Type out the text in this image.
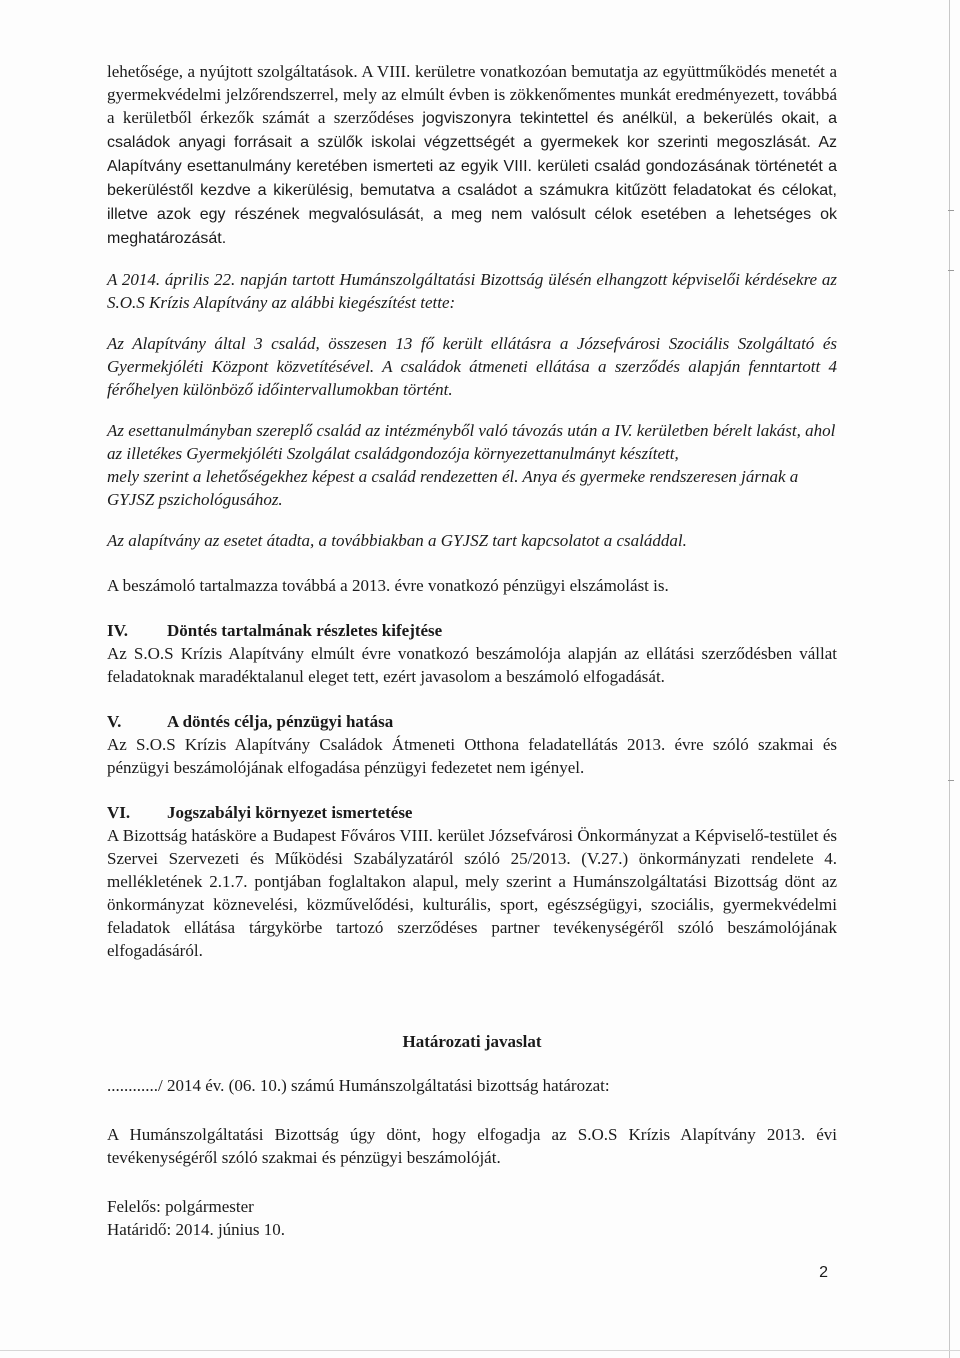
lehetősége, a nyújtott szolgáltatások. A VIII. kerületre vonatkozóan bemutatja az együttműködés menetét a gyermekvédelmi jelzőrendszerrel, mely az elmúlt évben is zökkenőmentes munkát eredményezett, továbbá a kerületből érkezők számát a szerződéses jogviszonyra tekintettel és anélkül, a bekerülés okait, a családok anyagi forrásait a szülők iskolai végzettségét a gyermekek kor szerinti megoszlását. Az Alapítvány esettanulmány keretében ismerteti az egyik VIII. kerületi család gondozásának történetét a bekerüléstől kezdve a kikerülésig, bemutatva a családot a számukra kitűzött feladatokat és célokat, illetve azok egy részének megvalósulását, a meg nem valósult célok esetében a lehetséges ok meghatározását.

A 2014. április 22. napján tartott Humánszolgáltatási Bizottság ülésén elhangzott képviselői kérdésekre az S.O.S Krízis Alapítvány az alábbi kiegészítést tette:

Az Alapítvány által 3 család, összesen 13 fő került ellátásra a Józsefvárosi Szociális Szolgáltató és Gyermekjóléti Központ közvetítésével. A családok átmeneti ellátása a szerződés alapján fenntartott 4 férőhelyen különböző időintervallumokban történt.

Az esettanulmányban szereplő család az intézményből való távozás után a IV. kerületben bérelt lakást, ahol az illetékes Gyermekjóléti Szolgálat családgondozója környezettanulmányt készített,

mely szerint a lehetőségekhez képest a család rendezetten él. Anya és gyermeke rendszeresen járnak a GYJSZ pszichológusához.

Az alapítvány az esetet átadta, a továbbiakban a GYJSZ tart kapcsolatot a családdal.

A beszámoló tartalmazza továbbá a 2013. évre vonatkozó pénzügyi elszámolást is.

IV.	Döntés tartalmának részletes kifejtése

Az S.O.S Krízis Alapítvány elmúlt évre vonatkozó beszámolója alapján az ellátási szerződésben vállat feladatoknak maradéktalanul eleget tett, ezért javasolom a beszámoló elfogadását.

V.	A döntés célja, pénzügyi hatása

Az S.O.S Krízis Alapítvány Családok Átmeneti Otthona feladatellátás 2013. évre szóló szakmai és pénzügyi beszámolójának elfogadása pénzügyi fedezetet nem igényel.

VI.	Jogszabályi környezet ismertetése

A Bizottság hatásköre a Budapest Főváros VIII. kerület Józsefvárosi Önkormányzat a Képviselő-testület és Szervei Szervezeti és Működési Szabályzatáról szóló 25/2013. (V.27.) önkormányzati rendelete 4. mellékletének 2.1.7. pontjában foglaltakon alapul, mely szerint a Humánszolgáltatási Bizottság dönt az önkormányzat köznevelési, közművelődési, kulturális, sport, egészségügyi, szociális, gyermekvédelmi feladatok ellátása tárgykörbe tartozó szerződéses partner tevékenységéről szóló beszámolójának elfogadásáról.

Határozati javaslat

............/ 2014 év. (06. 10.) számú Humánszolgáltatási bizottság határozat:

A Humánszolgáltatási Bizottság úgy dönt, hogy elfogadja az S.O.S Krízis Alapítvány 2013. évi tevékenységéről szóló szakmai és pénzügyi beszámolóját.

Felelős: polgármester

Határidő: 2014. június 10.

2
